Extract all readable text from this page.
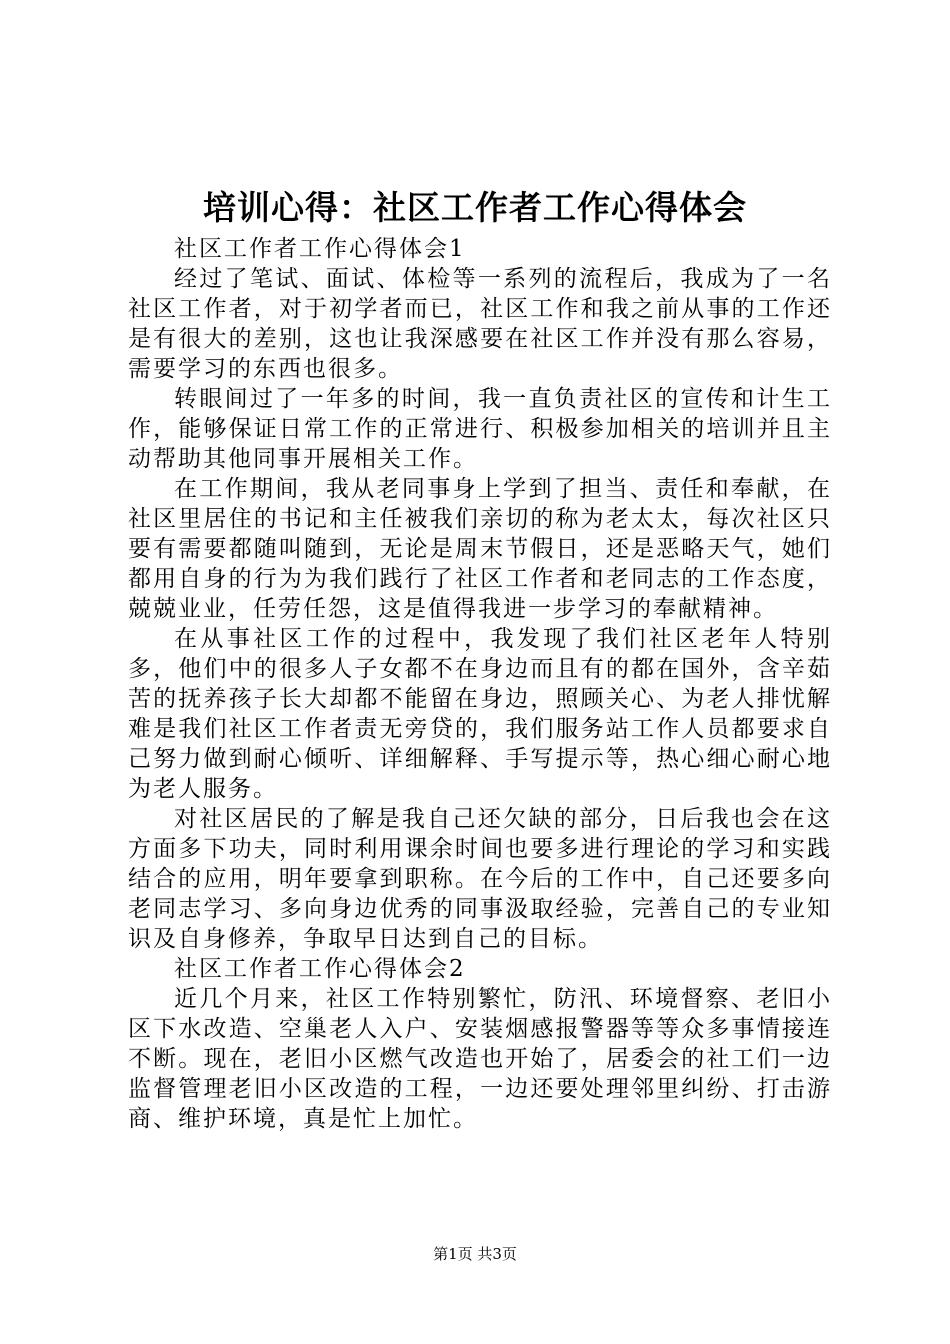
培训心得：社区工作者工作心得体会

社区工作者工作心得体会1

经过了笔试、面试、体检等一系列的流程后，我成为了一名社区工作者，对于初学者而已，社区工作和我之前从事的工作还是有很大的差别，这也让我深感要在社区工作并没有那么容易，需要学习的东西也很多。

转眼间过了一年多的时间，我一直负责社区的宣传和计生工作，能够保证日常工作的正常进行、积极参加相关的培训并且主动帮助其他同事开展相关工作。

在工作期间，我从老同事身上学到了担当、责任和奉献，在社区里居住的书记和主任被我们亲切的称为老太太，每次社区只要有需要都随叫随到，无论是周末节假日，还是恶略天气，她们都用自身的行为为我们践行了社区工作者和老同志的工作态度，兢兢业业，任劳任怨，这是值得我进一步学习的奉献精神。

在从事社区工作的过程中，我发现了我们社区老年人特别多，他们中的很多人子女都不在身边而且有的都在国外，含辛茹苦的抚养孩子长大却都不能留在身边，照顾关心、为老人排忧解难是我们社区工作者责无旁贷的，我们服务站工作人员都要求自己努力做到耐心倾听、详细解释、手写提示等，热心细心耐心地为老人服务。

对社区居民的了解是我自己还欠缺的部分，日后我也会在这方面多下功夫，同时利用课余时间也要多进行理论的学习和实践结合的应用，明年要拿到职称。在今后的工作中，自己还要多向老同志学习、多向身边优秀的同事汲取经验，完善自己的专业知识及自身修养，争取早日达到自己的目标。

社区工作者工作心得体会2

近几个月来，社区工作特别繁忙，防汛、环境督察、老旧小区下水改造、空巢老人入户、安装烟感报警器等等众多事情接连不断。现在，老旧小区燃气改造也开始了，居委会的社工们一边监督管理老旧小区改造的工程，一边还要处理邻里纠纷、打击游商、维护环境，真是忙上加忙。

第1页 共3页
